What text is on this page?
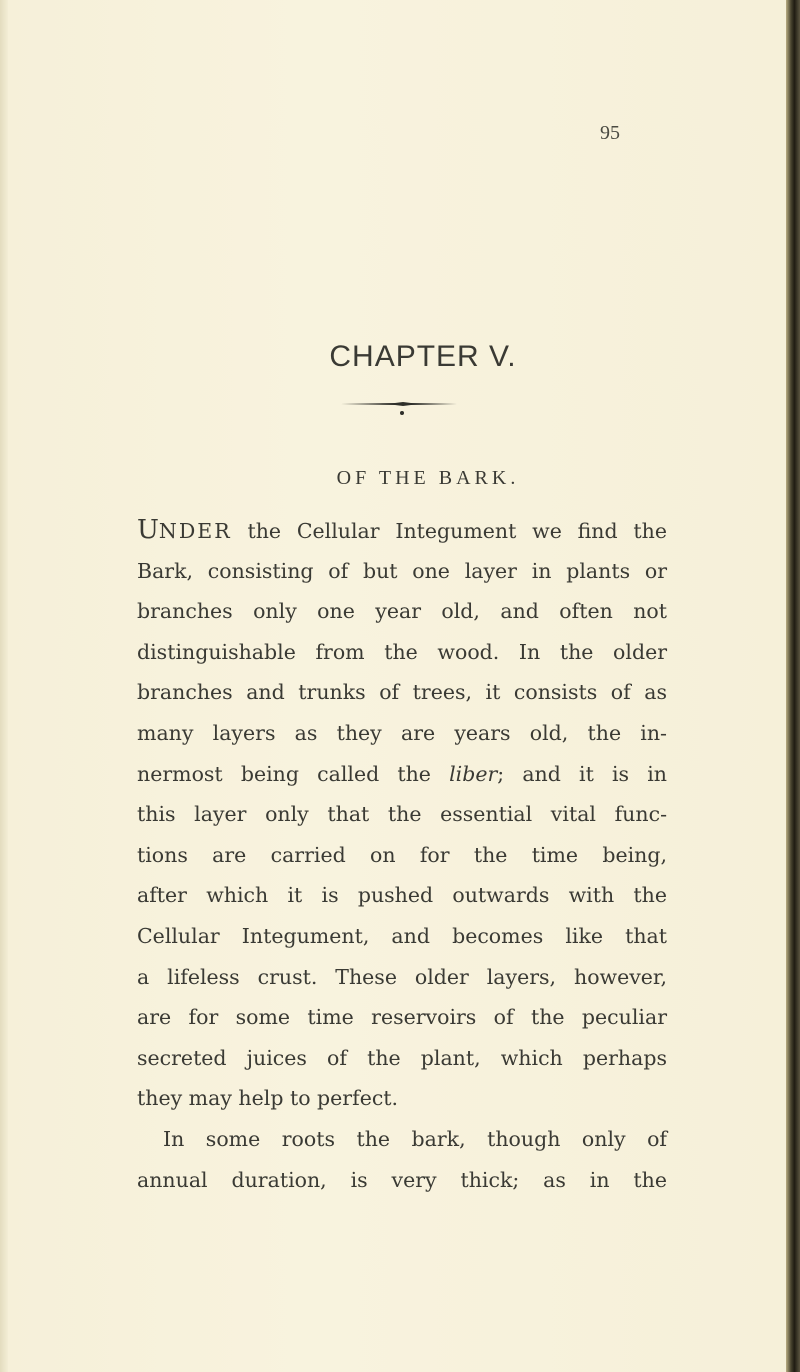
95
CHAPTER V.
OF THE BARK.
UNDER the Cellular Integument we find the
Bark, consisting of but one layer in plants or
branches only one year old, and often not
distinguishable from the wood. In the older
branches and trunks of trees, it consists of as
many layers as they are years old, the in-
nermost being called the liber; and it is in
this layer only that the essential vital func-
tions are carried on for the time being,
after which it is pushed outwards with the
Cellular Integument, and becomes like that
a lifeless crust. These older layers, however,
are for some time reservoirs of the peculiar
secreted juices of the plant, which perhaps
they may help to perfect.
In some roots the bark, though only of
annual duration, is very thick; as in the
